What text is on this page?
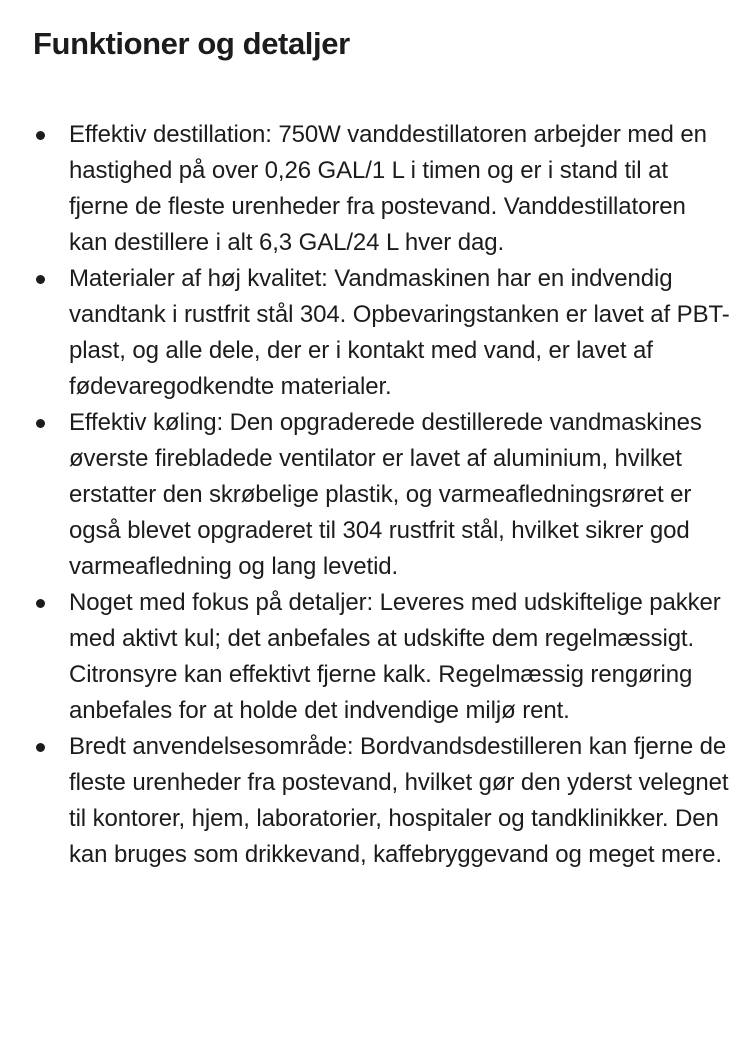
Funktioner og detaljer
Effektiv destillation: 750W vanddestillatoren arbejder med en hastighed på over 0,26 GAL/1 L i timen og er i stand til at fjerne de fleste urenheder fra postevand. Vanddestillatoren kan destillere i alt 6,3 GAL/24 L hver dag.
Materialer af høj kvalitet: Vandmaskinen har en indvendig vandtank i rustfrit stål 304. Opbevaringstanken er lavet af PBT-plast, og alle dele, der er i kontakt med vand, er lavet af fødevaregodkendte materialer.
Effektiv køling: Den opgraderede destillerede vandmaskines øverste firebladede ventilator er lavet af aluminium, hvilket erstatter den skrøbelige plastik, og varmeafledningsrøret er også blevet opgraderet til 304 rustfrit stål, hvilket sikrer god varmeafledning og lang levetid.
Noget med fokus på detaljer: Leveres med udskiftelige pakker med aktivt kul; det anbefales at udskifte dem regelmæssigt. Citronsyre kan effektivt fjerne kalk. Regelmæssig rengøring anbefales for at holde det indvendige miljø rent.
Bredt anvendelsesområde: Bordvandsdestilleren kan fjerne de fleste urenheder fra postevand, hvilket gør den yderst velegnet til kontorer, hjem, laboratorier, hospitaler og tandklinikker. Den kan bruges som drikkevand, kaffebryggevand og meget mere.
